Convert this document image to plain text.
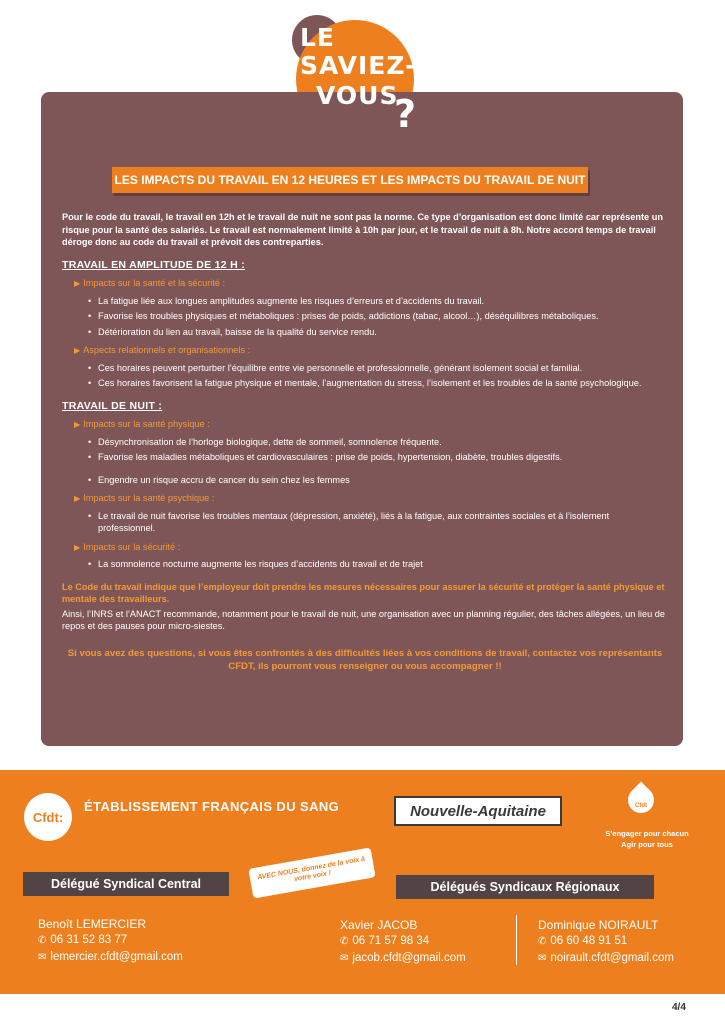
LE
SAVIEZ-
VOUS
?
LES IMPACTS DU TRAVAIL EN 12 HEURES ET LES IMPACTS DU TRAVAIL DE NUIT

Pour le code du travail, le travail en 12h et le travail de nuit ne sont pas la norme. Ce type d’organisation est donc limité car représente un risque pour la santé des salariés. Le travail est normalement limité à 10h par jour, et le travail de nuit à 8h. Notre accord temps de travail déroge donc au code du travail et prévoit des contreparties.

TRAVAIL EN AMPLITUDE DE 12 H :
▶ Impacts sur la santé et la sécurité :
• La fatigue liée aux longues amplitudes augmente les risques d’erreurs et d’accidents du travail.
• Favorise les troubles physiques et métaboliques : prises de poids, addictions (tabac, alcool…), déséquilibres métaboliques.
• Détérioration du lien au travail, baisse de la qualité du service rendu.
▶ Aspects relationnels et organisationnels :
• Ces horaires peuvent perturber l’équilibre entre vie personnelle et professionnelle, générant isolement social et familial.
• Ces horaires favorisent la fatigue physique et mentale, l’augmentation du stress, l’isolement et les troubles de la santé psychologique.
TRAVAIL DE NUIT :
▶ Impacts sur la santé physique :
• Désynchronisation de l’horloge biologique, dette de sommeil, somnolence fréquente.
• Favorise les maladies métaboliques et cardiovasculaires : prise de poids, hypertension, diabète, troubles digestifs.
• Engendre un risque accru de cancer du sein chez les femmes
▶ Impacts sur la santé psychique :
• Le travail de nuit favorise les troubles mentaux (dépression, anxiété), liés à la fatigue, aux contraintes sociales et à l’isolement professionnel.
▶ Impacts sur la sécurité :
• La somnolence nocturne augmente les risques d’accidents du travail et de trajet
Le Code du travail indique que l’employeur doit prendre les mesures nécessaires pour assurer la sécurité et protéger la santé physique et mentale des travailleurs.
Ainsi, l’INRS et l’ANACT recommande, notamment pour le travail de nuit, une organisation avec un planning régulier, des tâches allégées, un lieu de repos et des pauses pour micro-siestes.
Si vous avez des questions, si vous êtes confrontés à des difficultés liées à vos conditions de travail, contactez vos représentants CFDT, ils pourront vous renseigner ou vous accompagner !!
Cfdt:
ÉTABLISSEMENT FRANÇAIS DU SANG	Nouvelle-Aquitaine	Cfdt
S’engager pour chacun
Agir pour tous
Délégué Syndical Central
AVEC NOUS, donnez de la voix à votre voix !
Délégués Syndicaux Régionaux
Benoît LEMERCIER
✆ 06 31 52 83 77
✉ lemercier.cfdt@gmail.com
Xavier JACOB
✆ 06 71 57 98 34
✉ jacob.cfdt@gmail.com
Dominique NOIRAULT
✆ 06 60 48 91 51
✉ noirault.cfdt@gmail.com
4/4
